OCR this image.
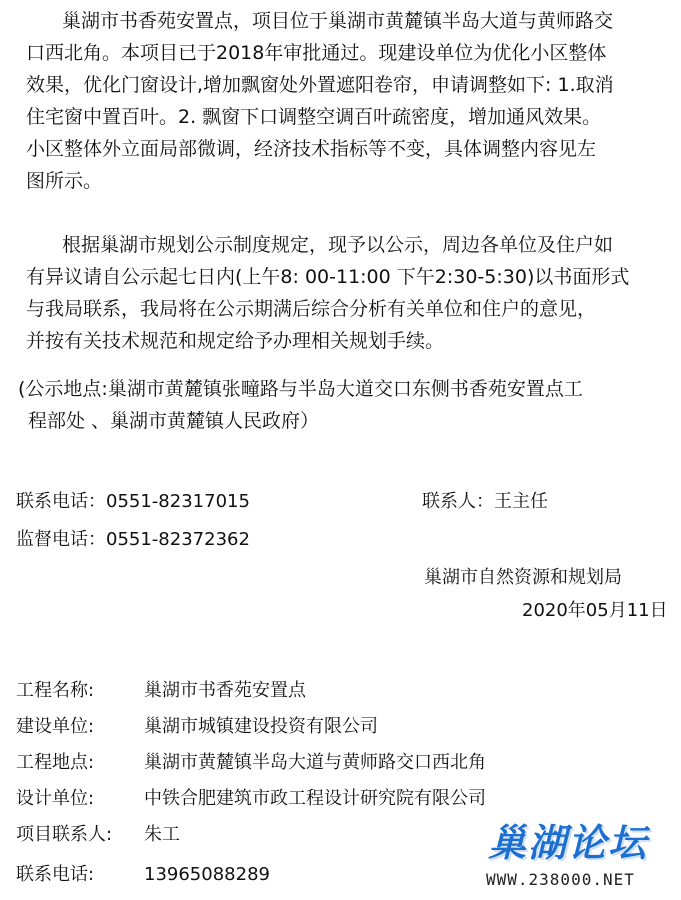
巢湖市书香苑安置点，项目位于巢湖市黄麓镇半岛大道与黄师路交
口西北角。本项目已于2018年审批通过。现建设单位为优化小区整体
效果，优化门窗设计,增加飘窗处外置遮阳卷帘，申请调整如下: 1.取消
住宅窗中置百叶。2. 飘窗下口调整空调百叶疏密度，增加通风效果。
小区整体外立面局部微调，经济技术指标等不变，具体调整内容见左
图所示。
根据巢湖市规划公示制度规定，现予以公示，周边各单位及住户如
有异议请自公示起七日内(上午8: 00-11:00 下午2:30-5:30)以书面形式
与我局联系，我局将在公示期满后综合分析有关单位和住户的意见，
并按有关技术规范和规定给予办理相关规划手续。
(公示地点:巢湖市黄麓镇张疃路与半岛大道交口东侧书香苑安置点工
程部处 、巢湖市黄麓镇人民政府）
联系电话：0551-82317015	联系人：王主任
监督电话：0551-82372362
巢湖市自然资源和规划局
2020年05月11日
工程名称:	巢湖市书香苑安置点
建设单位:	巢湖市城镇建设投资有限公司
工程地点:	巢湖市黄麓镇半岛大道与黄师路交口西北角
设计单位:	中铁合肥建筑市政工程设计研究院有限公司
项目联系人: 朱工
联系电话:	13965088289
巢湖论坛
WWW.238000.NET
